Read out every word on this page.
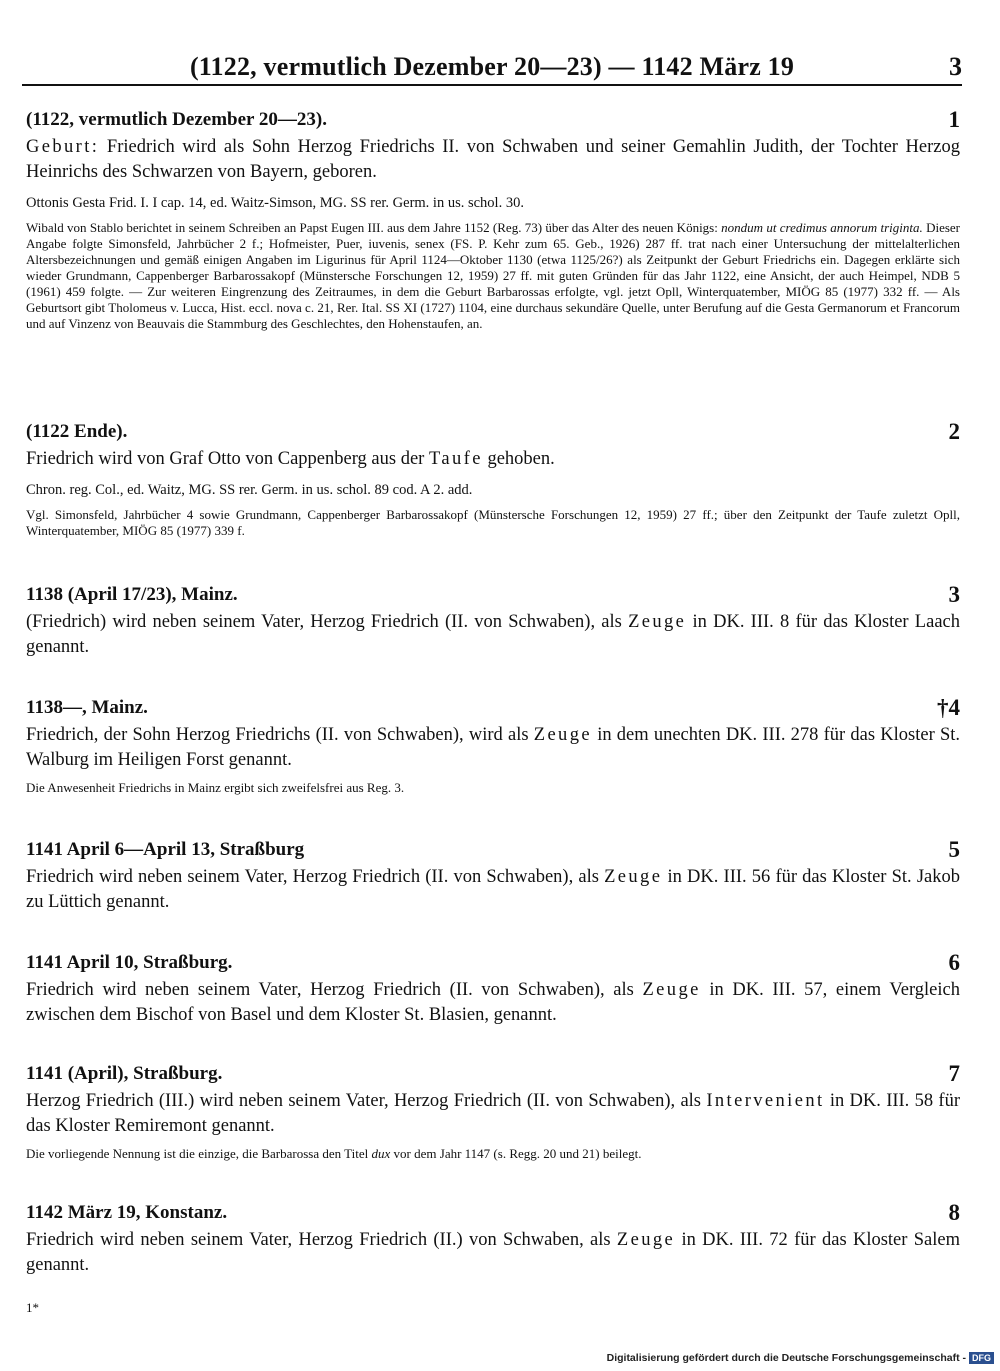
(1122, vermutlich Dezember 20—23) — 1142 März 19	3
(1122, vermutlich Dezember 20—23).	1
Geburt: Friedrich wird als Sohn Herzog Friedrichs II. von Schwaben und seiner Gemahlin Judith, der Tochter Herzog Heinrichs des Schwarzen von Bayern, geboren.
Ottonis Gesta Frid. I. I cap. 14, ed. Waitz-Simson, MG. SS rer. Germ. in us. schol. 30.
Wibald von Stablo berichtet in seinem Schreiben an Papst Eugen III. aus dem Jahre 1152 (Reg. 73) über das Alter des neuen Königs: nondum ut credimus annorum triginta. Dieser Angabe folgte Simonsfeld, Jahrbücher 2 f.; Hofmeister, Puer, iuvenis, senex (FS. P. Kehr zum 65. Geb., 1926) 287 ff. trat nach einer Untersuchung der mittelalterlichen Altersbezeichnungen und gemäß einigen Angaben im Ligurinus für April 1124—Oktober 1130 (etwa 1125/26?) als Zeitpunkt der Geburt Friedrichs ein. Dagegen erklärte sich wieder Grundmann, Cappenberger Barbarossakopf (Münstersche Forschungen 12, 1959) 27 ff. mit guten Gründen für das Jahr 1122, eine Ansicht, der auch Heimpel, NDB 5 (1961) 459 folgte. — Zur weiteren Eingrenzung des Zeitraumes, in dem die Geburt Barbarossas erfolgte, vgl. jetzt Opll, Winterquatember, MIÖG 85 (1977) 332 ff. — Als Geburtsort gibt Tholomeus v. Lucca, Hist. eccl. nova c. 21, Rer. Ital. SS XI (1727) 1104, eine durchaus sekundäre Quelle, unter Berufung auf die Gesta Germanorum et Francorum und auf Vinzenz von Beauvais die Stammburg des Geschlechtes, den Hohenstaufen, an.
(1122 Ende).	2
Friedrich wird von Graf Otto von Cappenberg aus der Taufe gehoben.
Chron. reg. Col., ed. Waitz, MG. SS rer. Germ. in us. schol. 89 cod. A 2. add.
Vgl. Simonsfeld, Jahrbücher 4 sowie Grundmann, Cappenberger Barbarossakopf (Münstersche Forschungen 12, 1959) 27 ff.; über den Zeitpunkt der Taufe zuletzt Opll, Winterquatember, MIÖG 85 (1977) 339 f.
1138 (April 17/23), Mainz.	3
(Friedrich) wird neben seinem Vater, Herzog Friedrich (II. von Schwaben), als Zeuge in DK. III. 8 für das Kloster Laach genannt.
1138—, Mainz.	†4
Friedrich, der Sohn Herzog Friedrichs (II. von Schwaben), wird als Zeuge in dem unechten DK. III. 278 für das Kloster St. Walburg im Heiligen Forst genannt.
Die Anwesenheit Friedrichs in Mainz ergibt sich zweifelsfrei aus Reg. 3.
1141 April 6—April 13, Straßburg	5
Friedrich wird neben seinem Vater, Herzog Friedrich (II. von Schwaben), als Zeuge in DK. III. 56 für das Kloster St. Jakob zu Lüttich genannt.
1141 April 10, Straßburg.	6
Friedrich wird neben seinem Vater, Herzog Friedrich (II. von Schwaben), als Zeuge in DK. III. 57, einem Vergleich zwischen dem Bischof von Basel und dem Kloster St. Blasien, genannt.
1141 (April), Straßburg.	7
Herzog Friedrich (III.) wird neben seinem Vater, Herzog Friedrich (II. von Schwaben), als Intervenient in DK. III. 58 für das Kloster Remiremont genannt.
Die vorliegende Nennung ist die einzige, die Barbarossa den Titel dux vor dem Jahr 1147 (s. Regg. 20 und 21) beilegt.
1142 März 19, Konstanz.	8
Friedrich wird neben seinem Vater, Herzog Friedrich (II.) von Schwaben, als Zeuge in DK. III. 72 für das Kloster Salem genannt.
1*
Digitalisierung gefördert durch die Deutsche Forschungsgemeinschaft - DFG
